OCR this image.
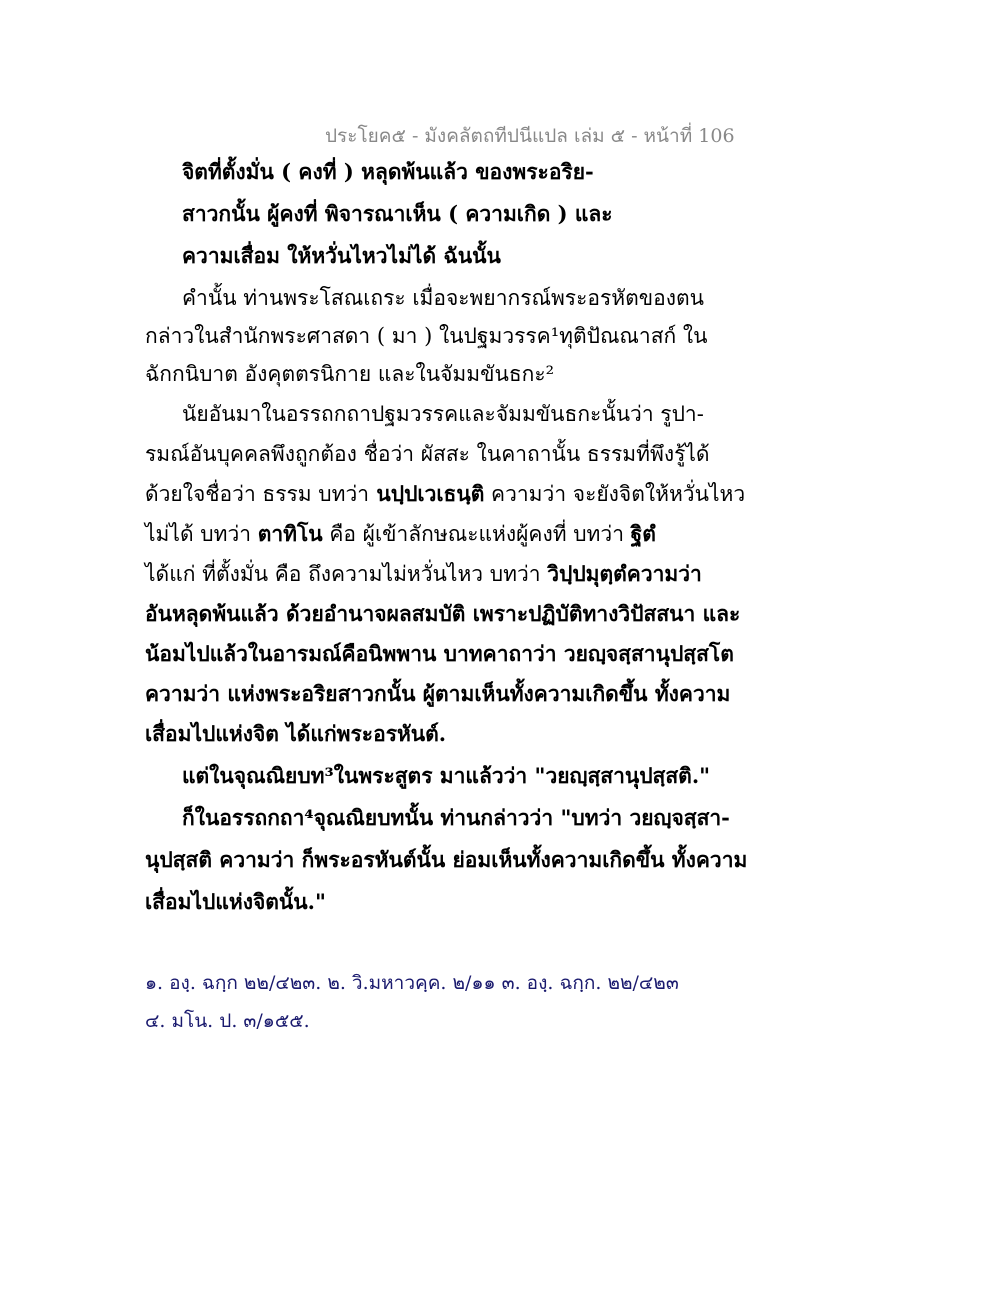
ประโยค๕ - มังคลัตถทีปนีแปล เล่ม ๕ - หน้าที่ 106
จิตที่ตั้งมั่น ( คงที่ ) หลุดพ้นแล้ว ของพระอริย-
สาวกนั้น ผู้คงที่ พิจารณาเห็น ( ความเกิด ) และ
ความเสื่อม ให้หวั่นไหวไม่ได้ ฉันนั้น
คำนั้น ท่านพระโสณเถระ เมื่อจะพยากรณ์พระอรหัตของตน
กล่าวในสำนักพระศาสดา ( มา ) ในปฐมวรรค¹ทุติปัณณาสก์ ใน
ฉักกนิบาต อังคุตตรนิกาย และในจัมมขันธกะ²
นัยอันมาในอรรถกถาปฐมวรรคและจัมมขันธกะนั้นว่า รูปา-
รมณ์อันบุคคลพึงถูกต้อง ชื่อว่า ผัสสะ ในคาถานั้น ธรรมที่พึงรู้ได้
ด้วยใจชื่อว่า ธรรม บทว่า นปฺปเวเธนฺติ ความว่า จะยังจิตให้หวั่นไหว
ไม่ได้ บทว่า ตาทิโน คือ ผู้เข้าลักษณะแห่งผู้คงที่ บทว่า ฐิตํ
ได้แก่ ที่ตั้งมั่น คือ ถึงความไม่หวั่นไหว บทว่า วิปฺปมุตฺตํความว่า
อันหลุดพ้นแล้ว ด้วยอำนาจผลสมบัติ เพราะปฏิบัติทางวิปัสสนา และ
น้อมไปแล้วในอารมณ์คือนิพพาน บาทคาถาว่า วยญฺจสฺสานุปสฺสโต
ความว่า แห่งพระอริยสาวกนั้น ผู้ตามเห็นทั้งความเกิดขึ้น ทั้งความ
เสื่อมไปแห่งจิต ได้แก่พระอรหันต์.
แต่ในจุณณิยบท³ในพระสูตร มาแล้วว่า "วยญฺสฺสานุปสฺสติ."
ก็ในอรรถกถา⁴จุณณิยบทนั้น ท่านกล่าวว่า "บทว่า วยญฺจสฺสา-
นุปสฺสติ ความว่า ก็พระอรหันต์นั้น ย่อมเห็นทั้งความเกิดขึ้น ทั้งความ
เสื่อมไปแห่งจิตนั้น."
๑. องฺ. ฉกฺก ๒๒/๔๒๓. ๒. วิ.มหาวคฺค. ๒/๑๑ ๓. องฺ. ฉกฺก. ๒๒/๔๒๓
๔. มโน. ป. ๓/๑๕๕.
